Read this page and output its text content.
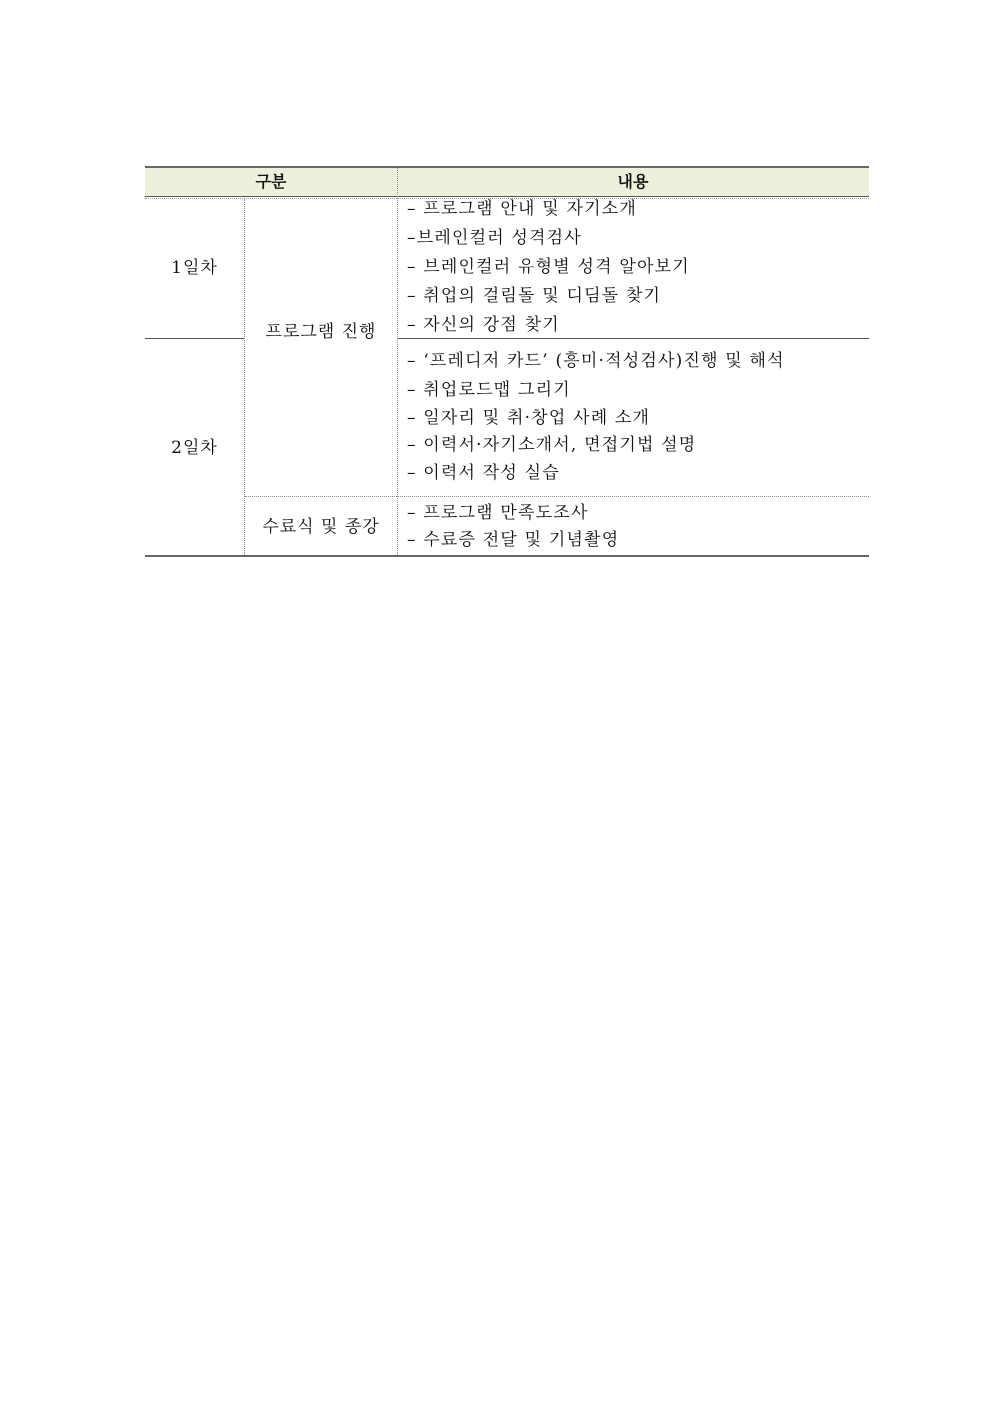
구분	내용
1일차
2일차
프로그램 진행
수료식 및 종강
– 프로그램 안내 및 자기소개
–브레인컬러 성격검사
– 브레인컬러 유형별 성격 알아보기
– 취업의 걸림돌 및 디딤돌 찾기
– 자신의 강점 찾기
– ‘프레디저 카드’ (흥미·적성검사)진행 및 해석
– 취업로드맵 그리기
– 일자리 및 취·창업 사례 소개
– 이력서·자기소개서, 면접기법 설명
– 이력서 작성 실습
– 프로그램 만족도조사
– 수료증 전달 및 기념촬영
